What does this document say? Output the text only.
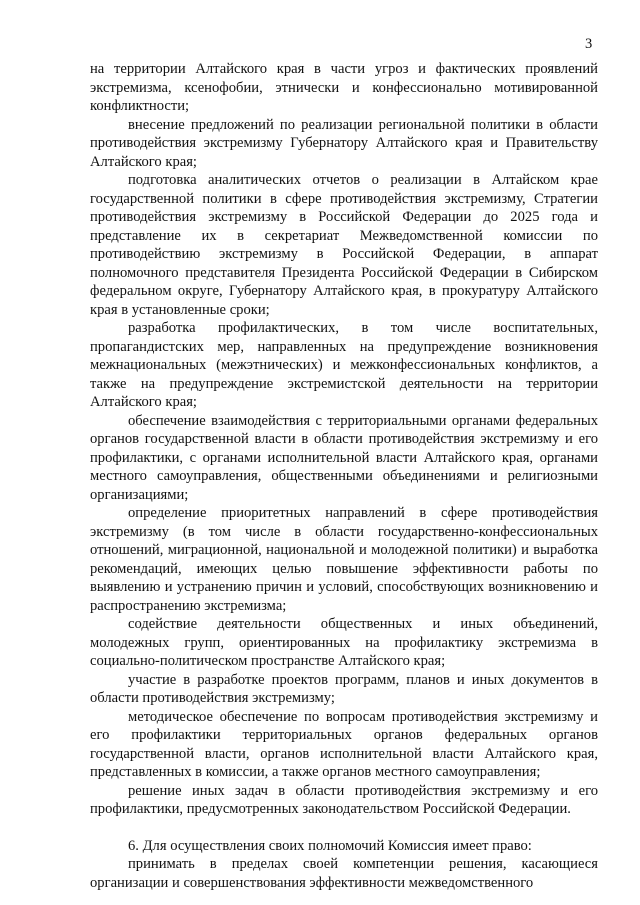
3

на территории Алтайского края в части угроз и фактических проявлений экстремизма, ксенофобии, этнически и конфессионально мотивированной конфликтности;

внесение предложений по реализации региональной политики в области противодействия экстремизму Губернатору Алтайского края и Правительству Алтайского края;

подготовка аналитических отчетов о реализации в Алтайском крае государственной политики в сфере противодействия экстремизму, Стратегии противодействия экстремизму в Российской Федерации до 2025 года и представление их в секретариат Межведомственной комиссии по противодействию экстремизму в Российской Федерации, в аппарат полномочного представителя Президента Российской Федерации в Сибирском федеральном округе, Губернатору Алтайского края, в прокуратуру Алтайского края в установленные сроки;

разработка профилактических, в том числе воспитательных, пропагандистских мер, направленных на предупреждение возникновения межнациональных (межэтнических) и межконфессиональных конфликтов, а также на предупреждение экстремистской деятельности на территории Алтайского края;

обеспечение взаимодействия с территориальными органами федеральных органов государственной власти в области противодействия экстремизму и его профилактики, с органами исполнительной власти Алтайского края, органами местного самоуправления, общественными объединениями и религиозными организациями;

определение приоритетных направлений в сфере противодействия экстремизму (в том числе в области государственно-конфессиональных отношений, миграционной, национальной и молодежной политики) и выработка рекомендаций, имеющих целью повышение эффективности работы по выявлению и устранению причин и условий, способствующих возникновению и распространению экстремизма;

содействие деятельности общественных и иных объединений, молодежных групп, ориентированных на профилактику экстремизма в социально-политическом пространстве Алтайского края;

участие в разработке проектов программ, планов и иных документов в области противодействия экстремизму;

методическое обеспечение по вопросам противодействия экстремизму и его профилактики территориальных органов федеральных органов государственной власти, органов исполнительной власти Алтайского края, представленных в комиссии, а также органов местного самоуправления;

решение иных задач в области противодействия экстремизму и его профилактики, предусмотренных законодательством Российской Федерации.

6. Для осуществления своих полномочий Комиссия имеет право:

принимать в пределах своей компетенции решения, касающиеся организации и совершенствования эффективности межведомственного
